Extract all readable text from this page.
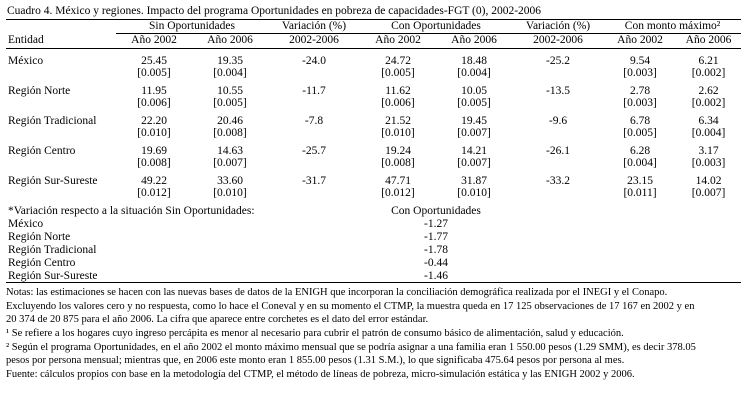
Cuadro 4. México y regiones. Impacto del programa Oportunidades en pobreza de capacidades-FGT (0), 2002-2006
	Sin Oportunidades		Variación (%)	Con Oportunidades		Variación (%)	Con monto máximo²	
Entidad	Año 2002	Año 2006	2002-2006	Año 2002	Año 2006	2002-2006	Año 2002	Año 2006
México	25.45	19.35	-24.0	24.72	18.48	-25.2	9.54	6.21
	[0.005]	[0.004]		[0.005]	[0.004]		[0.003]	[0.002]
Región Norte	11.95	10.55	-11.7	11.62	10.05	-13.5	2.78	2.62
	[0.006]	[0.005]		[0.006]	[0.005]		[0.003]	[0.002]
Región Tradicional	22.20	20.46	-7.8	21.52	19.45	-9.6	6.78	6.34
	[0.010]	[0.008]		[0.010]	[0.007]		[0.005]	[0.004]
Región Centro	19.69	14.63	-25.7	19.24	14.21	-26.1	6.28	3.17
	[0.008]	[0.007]		[0.008]	[0.007]		[0.004]	[0.003]
Región Sur-Sureste	49.22	33.60	-31.7	47.71	31.87	-33.2	23.15	14.02
	[0.012]	[0.010]		[0.012]	[0.010]		[0.011]	[0.007]
*Variación respecto a la situación Sin Oportunidades:				Con Oportunidades				
México				-1.27				
Región Norte				-1.77				
Región Tradicional				-1.78				
Región Centro				-0.44				
Región Sur-Sureste				-1.46				
Notas: las estimaciones se hacen con las nuevas bases de datos de la ENIGH que incorporan la conciliación demográfica realizada por el INEGI y el Conapo.
Excluyendo los valores cero y no respuesta, como lo hace el Coneval y en su momento el CTMP, la muestra queda en 17 125 observaciones de 17 167 en 2002 y en
20 374 de 20 875 para el año 2006. La cifra que aparece entre corchetes es el dato del error estándar.
¹ Se refiere a los hogares cuyo ingreso percápita es menor al necesario para cubrir el patrón de consumo básico de alimentación, salud y educación.
² Según el programa Oportunidades, en el año 2002 el monto máximo mensual que se podría asignar a una familia eran 1 550.00 pesos (1.29 SMM), es decir 378.05
pesos por persona mensual; mientras que, en 2006 este monto eran 1 855.00 pesos (1.31 S.M.), lo que significaba 475.64 pesos por persona al mes.
Fuente: cálculos propios con base en la metodología del CTMP, el método de líneas de pobreza, micro-simulación estática y las ENIGH 2002 y 2006.
